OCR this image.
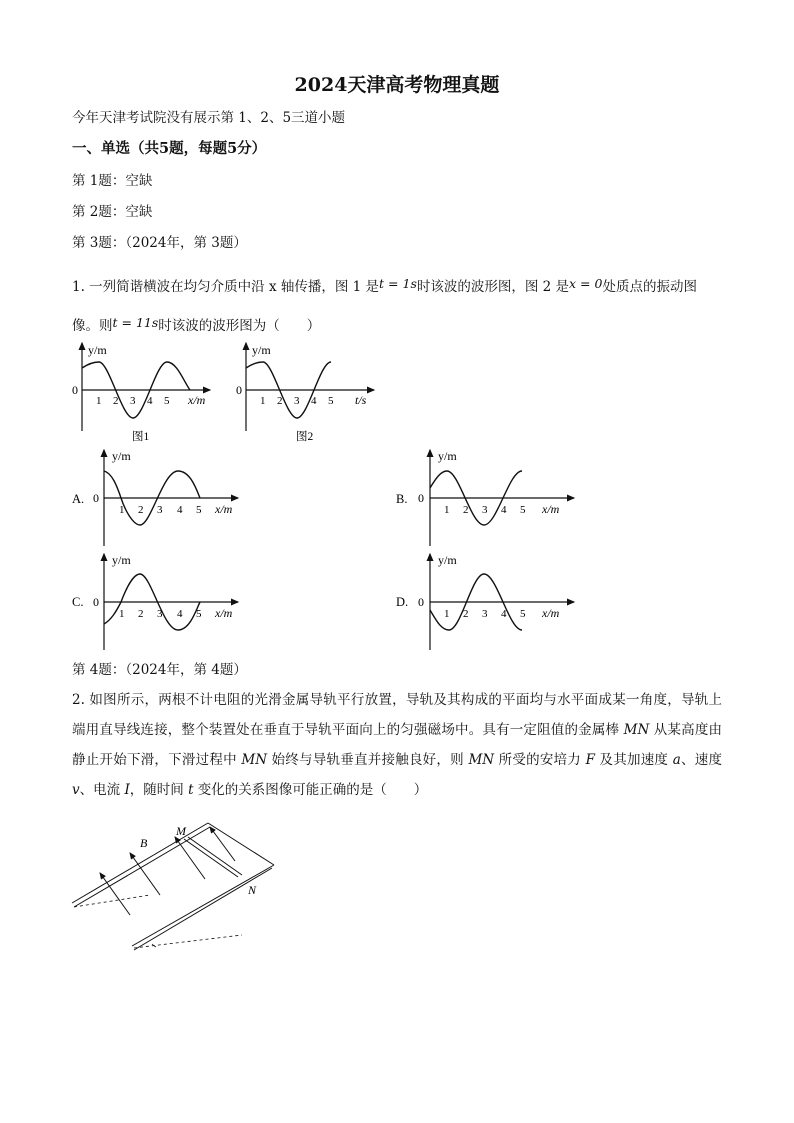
2024天津高考物理真题
今年天津考试院没有展示第 1、2、5三道小题
一、单选（共5题，每题5分）
第 1题：空缺
第 2题：空缺
第 3题：（2024年，第 3题）
1. 一列简谐横波在均匀介质中沿 x 轴传播，图 1 是t = 1s时该波的波形图，图 2 是x = 0处质点的振动图
像。则t = 11s时该波的波形图为（　　）
y/m
0
1 2 3 4 5 x/m
图1
y/m
0
1 2 3 4 5 t/s
图2
A.
y/m
0
1 2 3 4 5 x/m
B.
y/m
0
1 2 3 4 5 x/m
C.
y/m
0
1 2 3 4 5 x/m
D.
y/m
0
1 2 3 4 5 x/m
第 4题：（2024年，第 4题）
2. 如图所示，两根不计电阻的光滑金属导轨平行放置，导轨及其构成的平面均与水平面成某一角度，导轨上端用直导线连接，整个装置处在垂直于导轨平面向上的匀强磁场中。具有一定阻值的金属棒 MN 从某高度由静止开始下滑，下滑过程中 MN 始终与导轨垂直并接触良好，则 MN 所受的安培力 F 及其加速度 a、速度 v、电流 I，随时间 t 变化的关系图像可能正确的是（　　）
B
M
N
